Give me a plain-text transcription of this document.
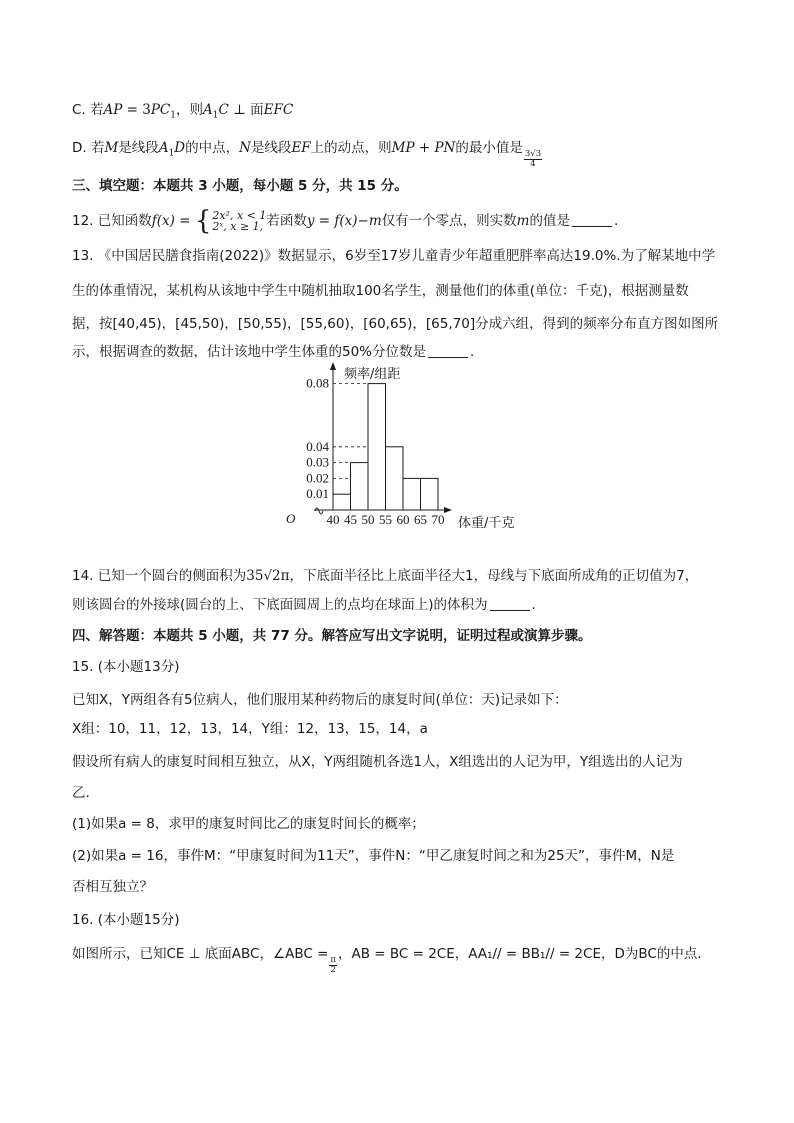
C. 若AP = $3PC_1$，则$A_1C$ ⊥ 面EFC
D. 若M是线段$A_1D$的中点，N是线段EF上的动点，则MP + PN的最小值是
$\frac{3√3}{4}$
三、填空题：本题共 3 小题，每小题 5 分，共 15 分。
12. 已知函数f(x) = { 2x², x < 1
2ˣ, x ≥ 1, 若函数y = f(x)−m仅有一个零点，则实数m的值是	.
13. 《中国居民膳食指南(2022)》数据显示，6岁至17岁儿童青少年超重肥胖率高达19.0%.为了解某地中学
生的体重情况，某机构从该地中学生中随机抽取100名学生，测量他们的体重(单位：千克)，根据测量数
据，按[40,45)，[45,50)，[50,55)，[55,60)，[60,65)，[65,70]分成六组，得到的频率分布直方图如图所
示，根据调查的数据，估计该地中学生体重的50%分位数是	.
O
频率/组距
体重/千克
0.08
0.04
0.03
0.02
0.01
40 45 50 55 60 65 70
14. 已知一个圆台的侧面积为35√2π，下底面半径比上底面半径大1，母线与下底面所成角的正切值为7，
则该圆台的外接球(圆台的上、下底面圆周上的点均在球面上)的体积为	.
四、解答题：本题共 5 小题，共 77 分。解答应写出文字说明，证明过程或演算步骤。
15. (本小题13分)
已知X，Y两组各有5位病人，他们服用某种药物后的康复时间(单位：天)记录如下：
X组：10，11，12，13，14，Y组：12，13，15，14，a
假设所有病人的康复时间相互独立，从X，Y两组随机各选1人，X组选出的人记为甲，Y组选出的人记为
乙.
(1)如果a = 8，求甲的康复时间比乙的康复时间长的概率；
(2)如果a = 16，事件M：“甲康复时间为11天”，事件N：“甲乙康复时间之和为25天”，事件M，N是
否相互独立？
16. (本小题15分)
如图所示，已知CE ⊥ 底面ABC，∠ABC =
$\frac{\pi}{2}$
，AB = BC = 2CE，AA₁// = BB₁// = 2CE，D为BC的中点.
